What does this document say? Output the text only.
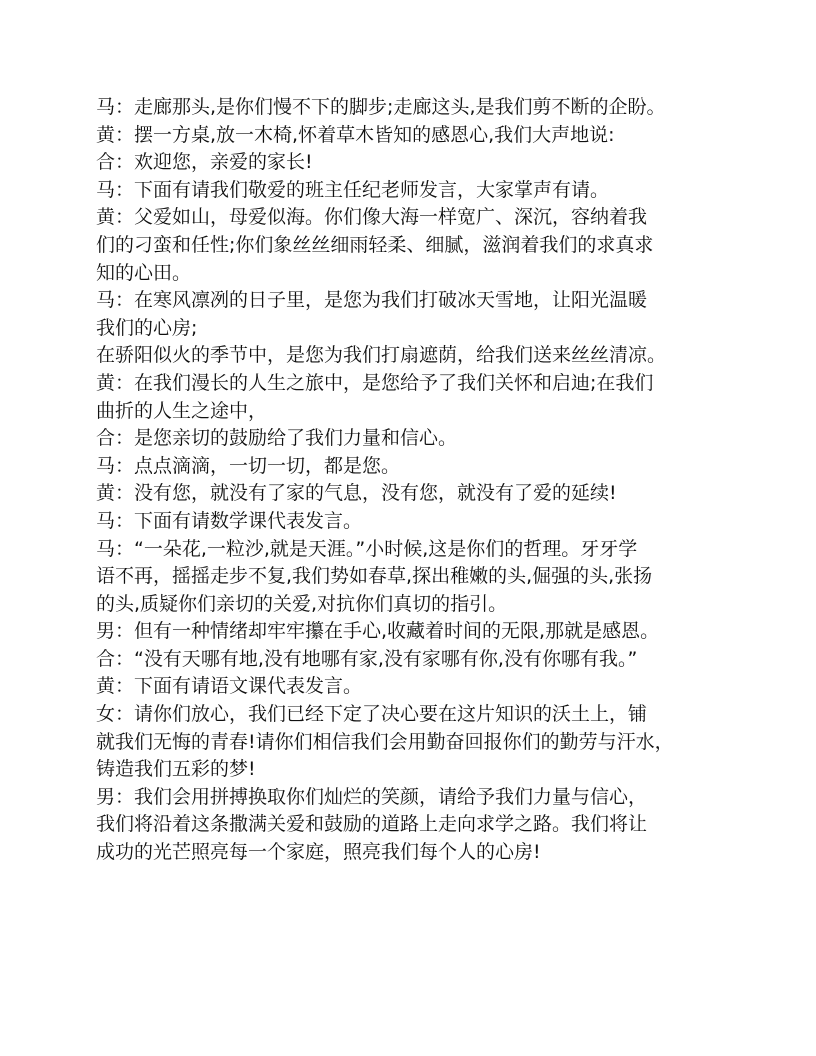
马：走廊那头,是你们慢不下的脚步;走廊这头,是我们剪不断的企盼。
黄：摆一方桌,放一木椅,怀着草木皆知的感恩心,我们大声地说:
合：欢迎您，亲爱的家长!
马：下面有请我们敬爱的班主任纪老师发言，大家掌声有请。
黄：父爱如山，母爱似海。你们像大海一样宽广、深沉，容纳着我
们的刁蛮和任性;你们象丝丝细雨轻柔、细腻，滋润着我们的求真求
知的心田。
马：在寒风凛冽的日子里，是您为我们打破冰天雪地，让阳光温暖
我们的心房;
在骄阳似火的季节中，是您为我们打扇遮荫，给我们送来丝丝清凉。
黄：在我们漫长的人生之旅中，是您给予了我们关怀和启迪;在我们
曲折的人生之途中，
合：是您亲切的鼓励给了我们力量和信心。
马：点点滴滴，一切一切，都是您。
黄：没有您，就没有了家的气息，没有您，就没有了爱的延续!
马：下面有请数学课代表发言。
马：“一朵花,一粒沙,就是天涯。”小时候,这是你们的哲理。牙牙学
语不再，摇摇走步不复,我们势如春草,探出稚嫩的头,倔强的头,张扬
的头,质疑你们亲切的关爱,对抗你们真切的指引。
男：但有一种情绪却牢牢攥在手心,收藏着时间的无限,那就是感恩。
合：“没有天哪有地,没有地哪有家,没有家哪有你,没有你哪有我。”
黄：下面有请语文课代表发言。
女：请你们放心，我们已经下定了决心要在这片知识的沃土上，铺
就我们无悔的青春!请你们相信我们会用勤奋回报你们的勤劳与汗水，
铸造我们五彩的梦!
男：我们会用拼搏换取你们灿烂的笑颜，请给予我们力量与信心，
我们将沿着这条撒满关爱和鼓励的道路上走向求学之路。我们将让
成功的光芒照亮每一个家庭，照亮我们每个人的心房!
